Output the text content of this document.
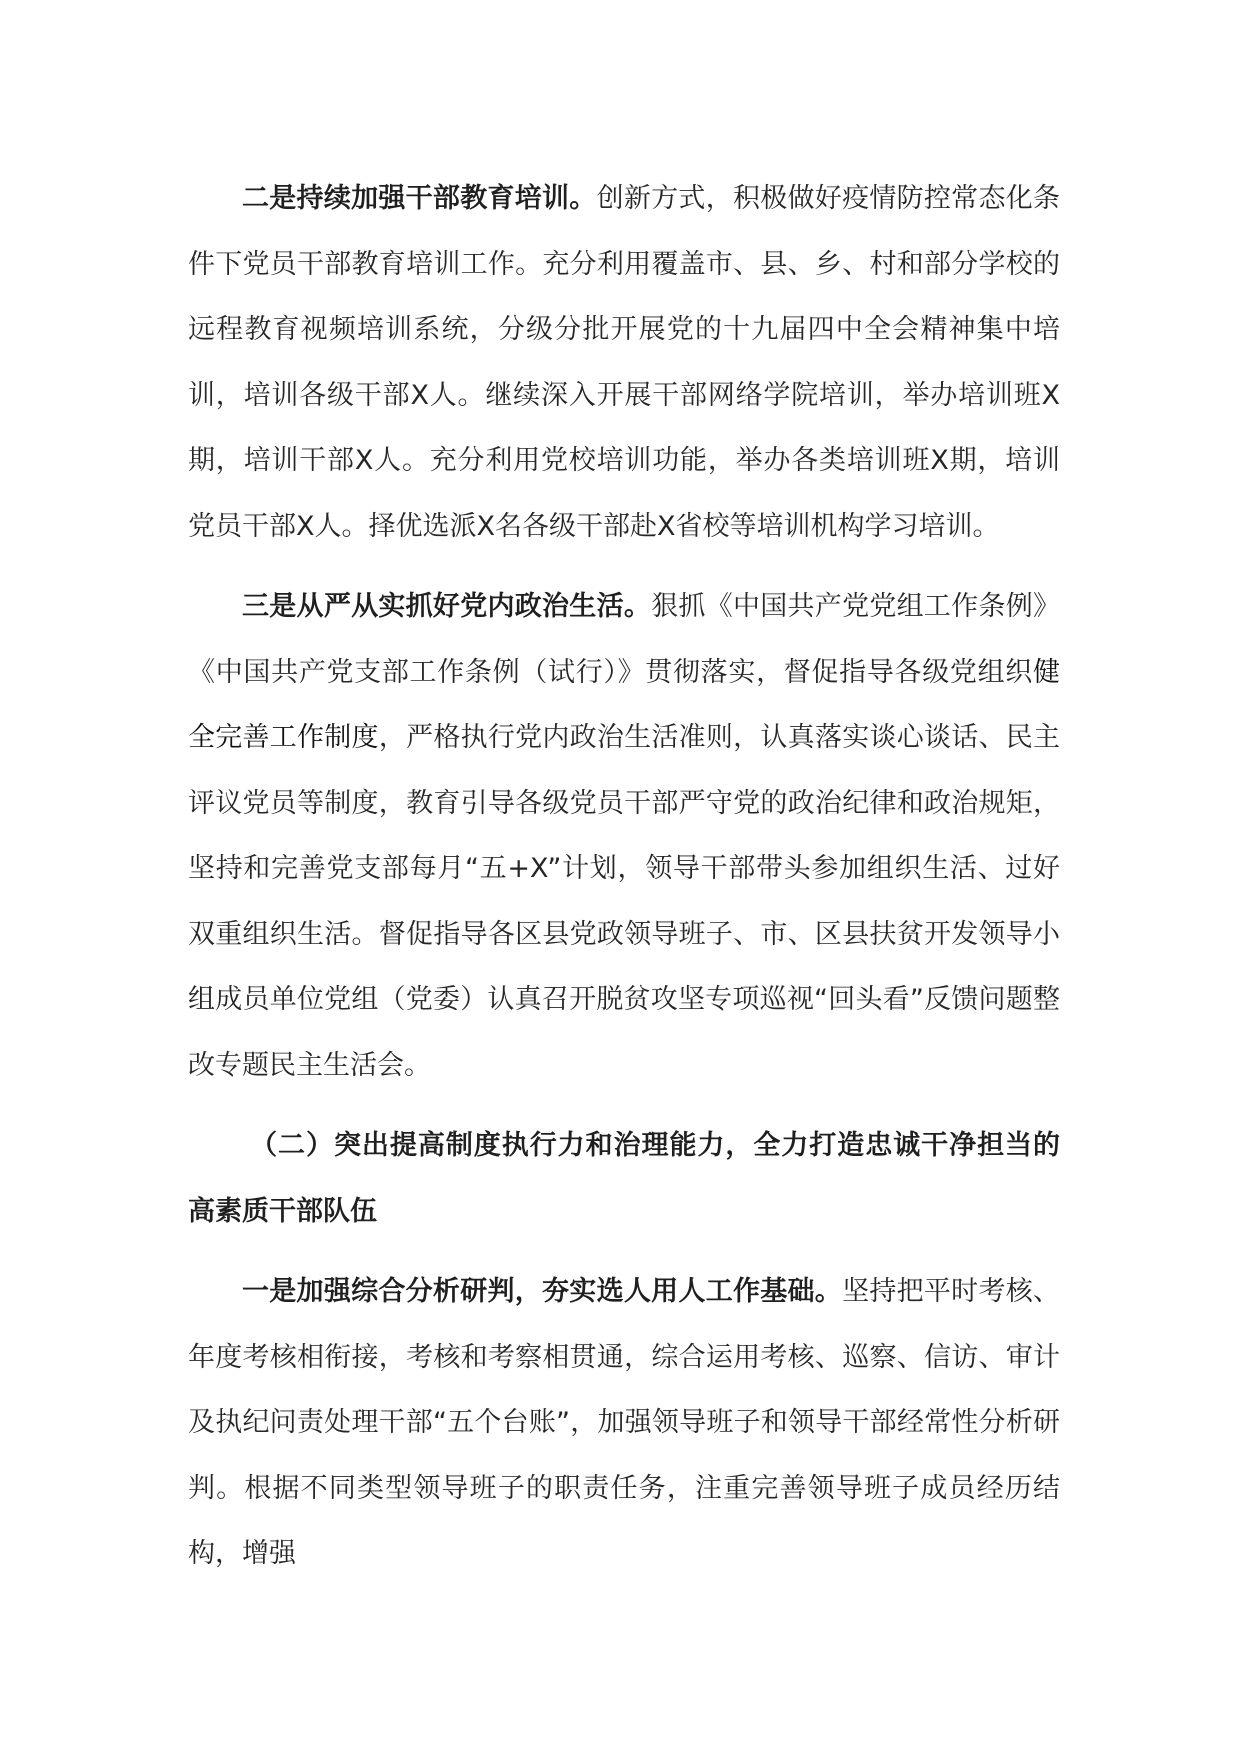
二是持续加强干部教育培训。创新方式，积极做好疫情防控常态化条件下党员干部教育培训工作。充分利用覆盖市、县、乡、村和部分学校的远程教育视频培训系统，分级分批开展党的十九届四中全会精神集中培训，培训各级干部X人。继续深入开展干部网络学院培训，举办培训班X期，培训干部X人。充分利用党校培训功能，举办各类培训班X期，培训党员干部X人。择优选派X名各级干部赴X省校等培训机构学习培训。

三是从严从实抓好党内政治生活。狠抓《中国共产党党组工作条例》《中国共产党支部工作条例（试行）》贯彻落实，督促指导各级党组织健全完善工作制度，严格执行党内政治生活准则，认真落实谈心谈话、民主评议党员等制度，教育引导各级党员干部严守党的政治纪律和政治规矩，坚持和完善党支部每月“五+X”计划，领导干部带头参加组织生活、过好双重组织生活。督促指导各区县党政领导班子、市、区县扶贫开发领导小组成员单位党组（党委）认真召开脱贫攻坚专项巡视“回头看”反馈问题整改专题民主生活会。

（二）突出提高制度执行力和治理能力，全力打造忠诚干净担当的高素质干部队伍

一是加强综合分析研判，夯实选人用人工作基础。坚持把平时考核、年度考核相衔接，考核和考察相贯通，综合运用考核、巡察、信访、审计及执纪问责处理干部“五个台账”，加强领导班子和领导干部经常性分析研判。根据不同类型领导班子的职责任务，注重完善领导班子成员经历结构，增强
